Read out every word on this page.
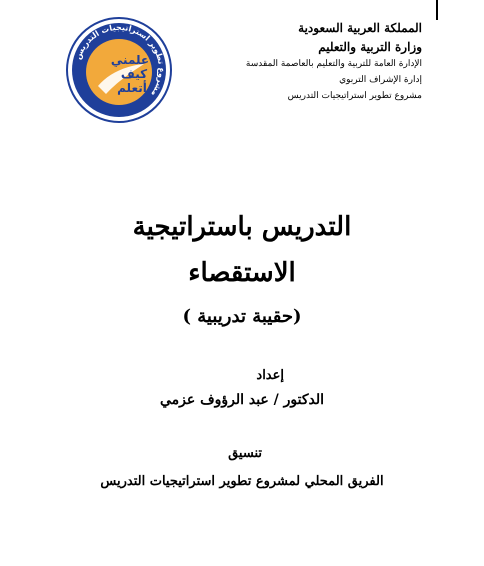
مشروع تطوير استراتيجيات التدريس
علمني
كيف
أتعلم
المملكة العربية السعودية
وزارة التربية والتعليم
الإدارة العامة للتربية والتعليم بالعاصمة المقدسة
إدارة الإشراف التربوي
مشروع تطوير استراتيجيات التدريس
التدريس باستراتيجية
الاستقصاء
(حقيبة تدريبية )
إعداد
الدكتور / عبد الرؤوف عزمي
تنسيق
الفريق المحلي لمشروع تطوير استراتيجيات التدريس
